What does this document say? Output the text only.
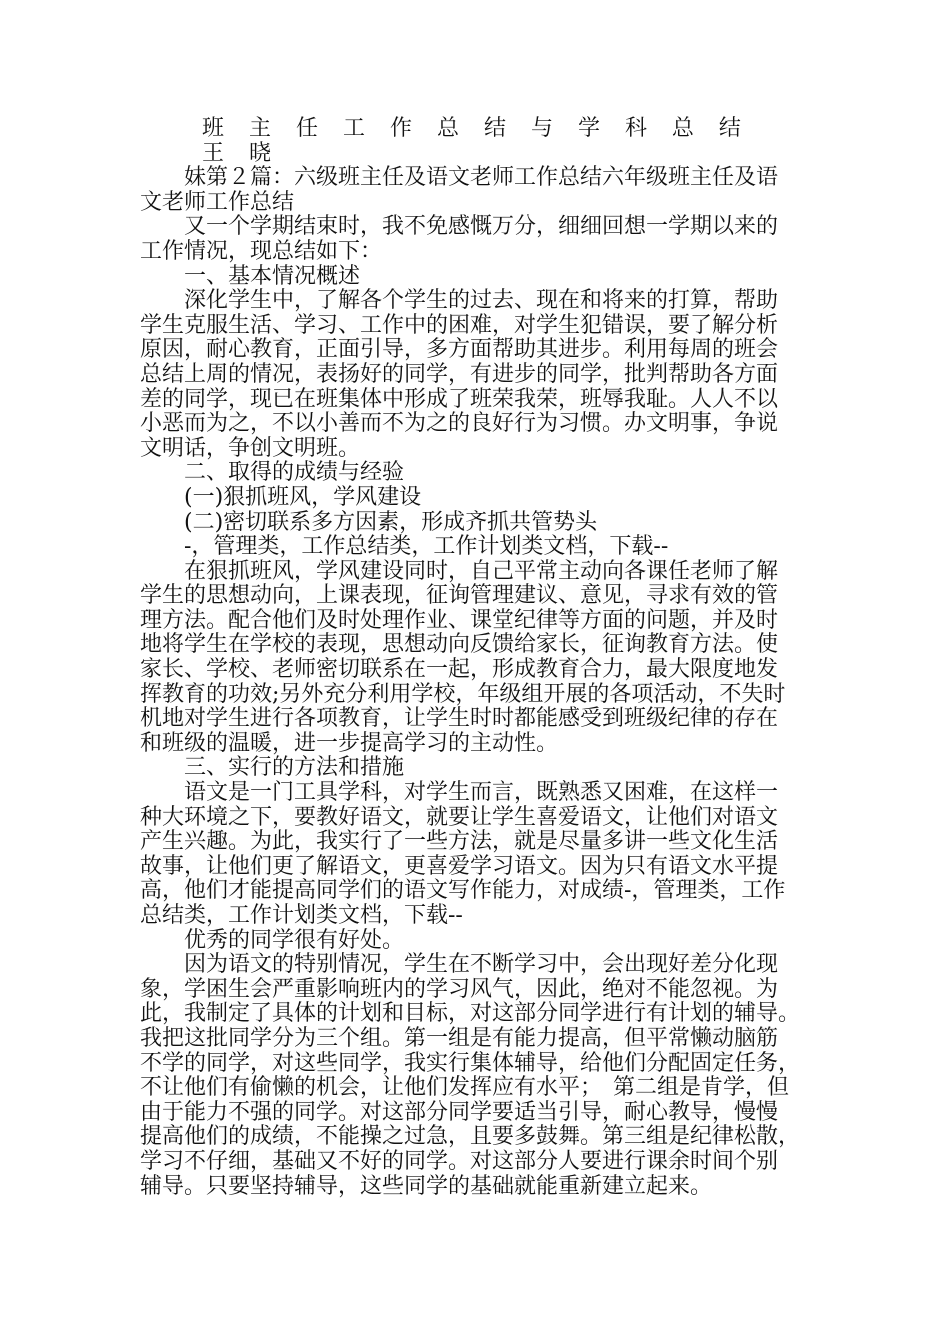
　　班 主 任 工 作 总 结 与 学 科 总 结
　　王 晓
　　妹第２篇：六级班主任及语文老师工作总结六年级班主任及语
文老师工作总结
　　又一个学期结束时，我不免感慨万分，细细回想一学期以来的
工作情况，现总结如下：
　　一、基本情况概述
　　深化学生中，了解各个学生的过去、现在和将来的打算，帮助
学生克服生活、学习、工作中的困难，对学生犯错误，要了解分析
原因，耐心教育，正面引导，多方面帮助其进步。利用每周的班会
总结上周的情况，表扬好的同学，有进步的同学，批判帮助各方面
差的同学，现已在班集体中形成了班荣我荣，班辱我耻。人人不以
小恶而为之，不以小善而不为之的良好行为习惯。办文明事，争说
文明话，争创文明班。
　　二、取得的成绩与经验
　　(一)狠抓班风，学风建设
　　(二)密切联系多方因素，形成齐抓共管势头
　　-，管理类，工作总结类，工作计划类文档，下载--
　　在狠抓班风，学风建设同时，自己平常主动向各课任老师了解
学生的思想动向，上课表现，征询管理建议、意见，寻求有效的管
理方法。配合他们及时处理作业、课堂纪律等方面的问题，并及时
地将学生在学校的表现，思想动向反馈给家长，征询教育方法。使
家长、学校、老师密切联系在一起，形成教育合力，最大限度地发
挥教育的功效;另外充分利用学校，年级组开展的各项活动，不失时
机地对学生进行各项教育，让学生时时都能感受到班级纪律的存在
和班级的温暖，进一步提高学习的主动性。
　　三、实行的方法和措施
　　语文是一门工具学科，对学生而言，既熟悉又困难，在这样一
种大环境之下，要教好语文，就要让学生喜爱语文，让他们对语文
产生兴趣。为此，我实行了一些方法，就是尽量多讲一些文化生活
故事，让他们更了解语文，更喜爱学习语文。因为只有语文水平提
高，他们才能提高同学们的语文写作能力，对成绩-，管理类，工作
总结类，工作计划类文档，下载--
　　优秀的同学很有好处。
　　因为语文的特别情况，学生在不断学习中，会出现好差分化现
象，学困生会严重影响班内的学习风气，因此，绝对不能忽视。为
此，我制定了具体的计划和目标，对这部分同学进行有计划的辅导。
我把这批同学分为三个组。第一组是有能力提高，但平常懒动脑筋
不学的同学，对这些同学，我实行集体辅导，给他们分配固定任务，
不让他们有偷懒的机会，让他们发挥应有水平；　第二组是肯学，但
由于能力不强的同学。对这部分同学要适当引导，耐心教导，慢慢
提高他们的成绩，不能操之过急，且要多鼓舞。第三组是纪律松散，
学习不仔细，基础又不好的同学。对这部分人要进行课余时间个别
辅导。只要坚持辅导，这些同学的基础就能重新建立起来。
